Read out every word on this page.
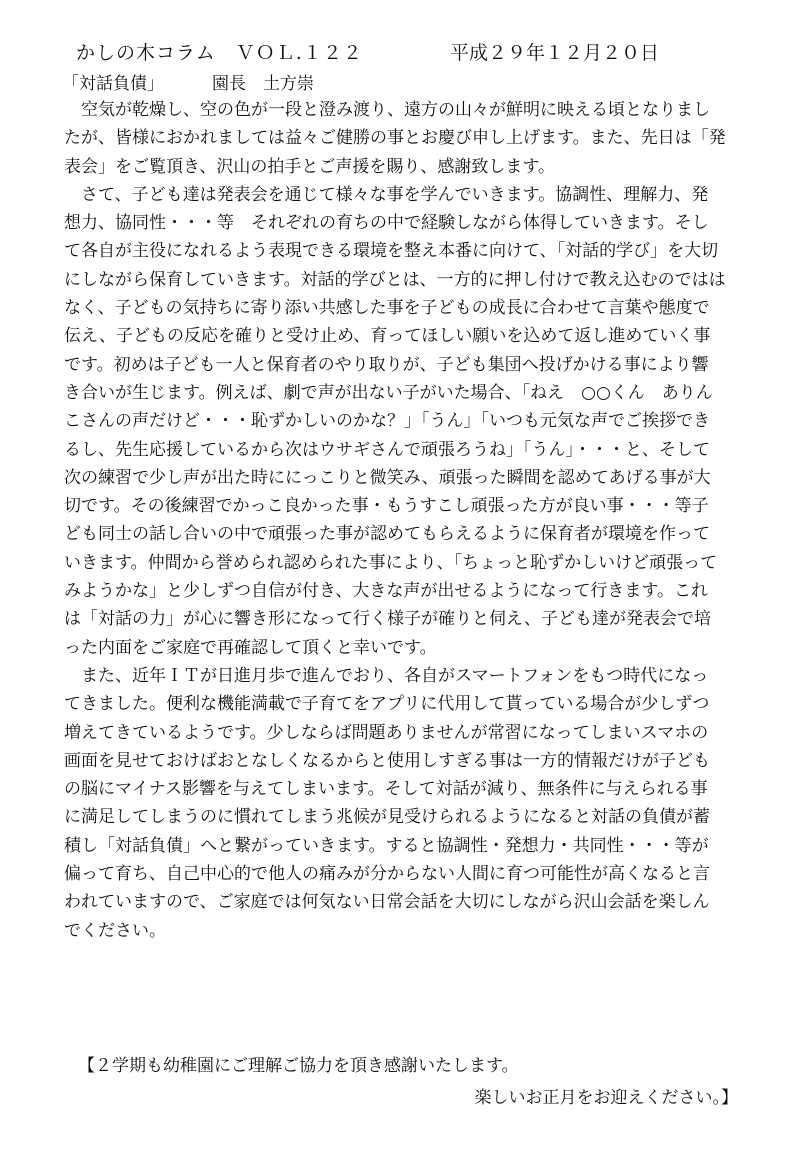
かしの木コラム　ＶＯＬ.１２２	平成２９年１２月２０日
「対話負債」	園長　土方崇

空気が乾燥し、空の色が一段と澄み渡り、遠方の山々が鮮明に映える頃となりまし
たが、皆様におかれましては益々ご健勝の事とお慶び申し上げます。また、先日は「発
表会」をご覧頂き、沢山の拍手とご声援を賜り、感謝致します。

さて、子ども達は発表会を通じて様々な事を学んでいきます。協調性、理解力、発
想力、協同性・・・等　それぞれの育ちの中で経験しながら体得していきます。そし
て各自が主役になれるよう表現できる環境を整え本番に向けて、「対話的学び」を大切
にしながら保育していきます。対話的学びとは、一方的に押し付けで教え込むのではは
なく、子どもの気持ちに寄り添い共感した事を子どもの成長に合わせて言葉や態度で
伝え、子どもの反応を確りと受け止め、育ってほしい願いを込めて返し進めていく事
です。初めは子ども一人と保育者のやり取りが、子ども集団へ投げかける事により響
き合いが生じます。例えば、劇で声が出ない子がいた場合、「ねえ　○○くん　ありん
こさんの声だけど・・・恥ずかしいのかな？」「うん」「いつも元気な声でご挨拶でき
るし、先生応援しているから次はウサギさんで頑張ろうね」「うん」・・・と、そして
次の練習で少し声が出た時ににっこりと微笑み、頑張った瞬間を認めてあげる事が大
切です。その後練習でかっこ良かった事・もうすこし頑張った方が良い事・・・等子
ども同士の話し合いの中で頑張った事が認めてもらえるように保育者が環境を作って
いきます。仲間から誉められ認められた事により、「ちょっと恥ずかしいけど頑張って
みようかな」と少しずつ自信が付き、大きな声が出せるようになって行きます。これ
は「対話の力」が心に響き形になって行く様子が確りと伺え、子ども達が発表会で培
った内面をご家庭で再確認して頂くと幸いです。

また、近年ＩＴが日進月歩で進んでおり、各自がスマートフォンをもつ時代になっ
てきました。便利な機能満載で子育てをアプリに代用して貰っている場合が少しずつ
増えてきているようです。少しならば問題ありませんが常習になってしまいスマホの
画面を見せておけばおとなしくなるからと使用しすぎる事は一方的情報だけが子ども
の脳にマイナス影響を与えてしまいます。そして対話が減り、無条件に与えられる事
に満足してしまうのに慣れてしまう兆候が見受けられるようになると対話の負債が蓄
積し「対話負債」へと繋がっていきます。すると協調性・発想力・共同性・・・等が
偏って育ち、自己中心的で他人の痛みが分からない人間に育つ可能性が高くなると言
われていますので、ご家庭では何気ない日常会話を大切にしながら沢山会話を楽しん
でください。

【２学期も幼稚園にご理解ご協力を頂き感謝いたします。
楽しいお正月をお迎えください。】
